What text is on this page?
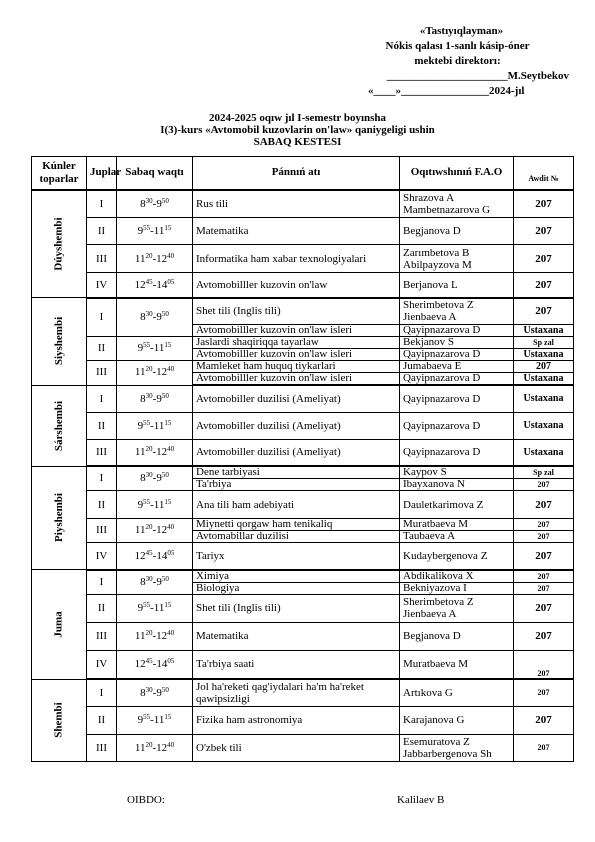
«Tastıyıqlayman»
Nókis qalası 1-sanlı kásip-óner
mektebi direktorı:
______________________M.Seytbekov
«____»________________2024-jıl
2024-2025 oqıw jıl I-semestr boyınsha
I(3)-kurs «Avtomobil kuzovlarin on'law» qaniygeligi ushin
SABAQ KESTESI
Kúnler toparlar	Juplar	Sabaq waqtı	Pánnıń atı	Oqıtıwshınıń F.A.O	Awdit №
Dúyshembi	I	$8^{30}-9^{50}$	Rus tili	Shrazova A
Mambetnazarova G	207
	II	$9^{55}-11^{15}$	Matematika	Begjanova D	207
	III	$11^{20}-12^{40}$	Informatika ham xabar texnologiyalari	Zarımbetova B
Abilpayzova M	207
	IV	$12^{45}-14^{05}$	Avtomobilller kuzovin on'law	Berjanova L	207
Siyshembi	I	$8^{30}-9^{50}$	Shet tili (Inglis tili)	Sherimbetova Z
Jienbaeva A	207
			Avtomobilller kuzovin on'law isleri	Qayipnazarova D	Ustaxana
	II	$9^{55}-11^{15}$	Jaslardi shaqiriqqa tayarlaw	Bekjanov S	Sp zal
			Avtomobilller kuzovin on'law isleri	Qayipnazarova D	Ustaxana
	III	$11^{20}-12^{40}$	Mamleket ham huquq tiykarlari	Jumabaeva E	207
			Avtomobilller kuzovin on'law isleri	Qayipnazarova D	Ustaxana
Sárshembi	I	$8^{30}-9^{50}$	Avtomobiller duzilisi (Ameliyat)	Qayipnazarova D	Ustaxana
	II	$9^{55}-11^{15}$	Avtomobiller duzilisi (Ameliyat)	Qayipnazarova D	Ustaxana
	III	$11^{20}-12^{40}$	Avtomobiller duzilisi (Ameliyat)	Qayipnazarova D	Ustaxana
Piyshembi	I	$8^{30}-9^{50}$	Dene tarbiyasi	Kaypov S	Sp zal
			Ta'rbiya	Ibayxanova N	207
	II	$9^{55}-11^{15}$	Ana tili ham adebiyati	Dauletkarimova Z	207
	III	$11^{20}-12^{40}$	Miynetti qorgaw ham tenikaliq	Muratbaeva M	207
			Avtomabillar duzilisi	Taubaeva A	207
	IV	$12^{45}-14^{05}$	Tariyx	Kudaybergenova Z	207
Juma	I	$8^{30}-9^{50}$	Ximiya	Abdikalikova X	207
			Biologiya	Bekniyazova I	207
	II	$9^{55}-11^{15}$	Shet tili (Inglis tili)	Sherimbetova Z
Jienbaeva A	207
	III	$11^{20}-12^{40}$	Matematika	Begjanova D	207
	IV	$12^{45}-14^{05}$	Ta'rbiya saati	Muratbaeva M	207
Shembi	I	$8^{30}-9^{50}$	Jol ha'reketi qag'iydalari ha'm ha'reket
qawipsizligi	Artıkova G	207
	II	$9^{55}-11^{15}$	Fizika ham astronomiya	Karajanova G	207
	III	$11^{20}-12^{40}$	O'zbek tili	Esemuratova Z
Jabbarbergenova Sh	207
OIBDO:	Kalilaev B
